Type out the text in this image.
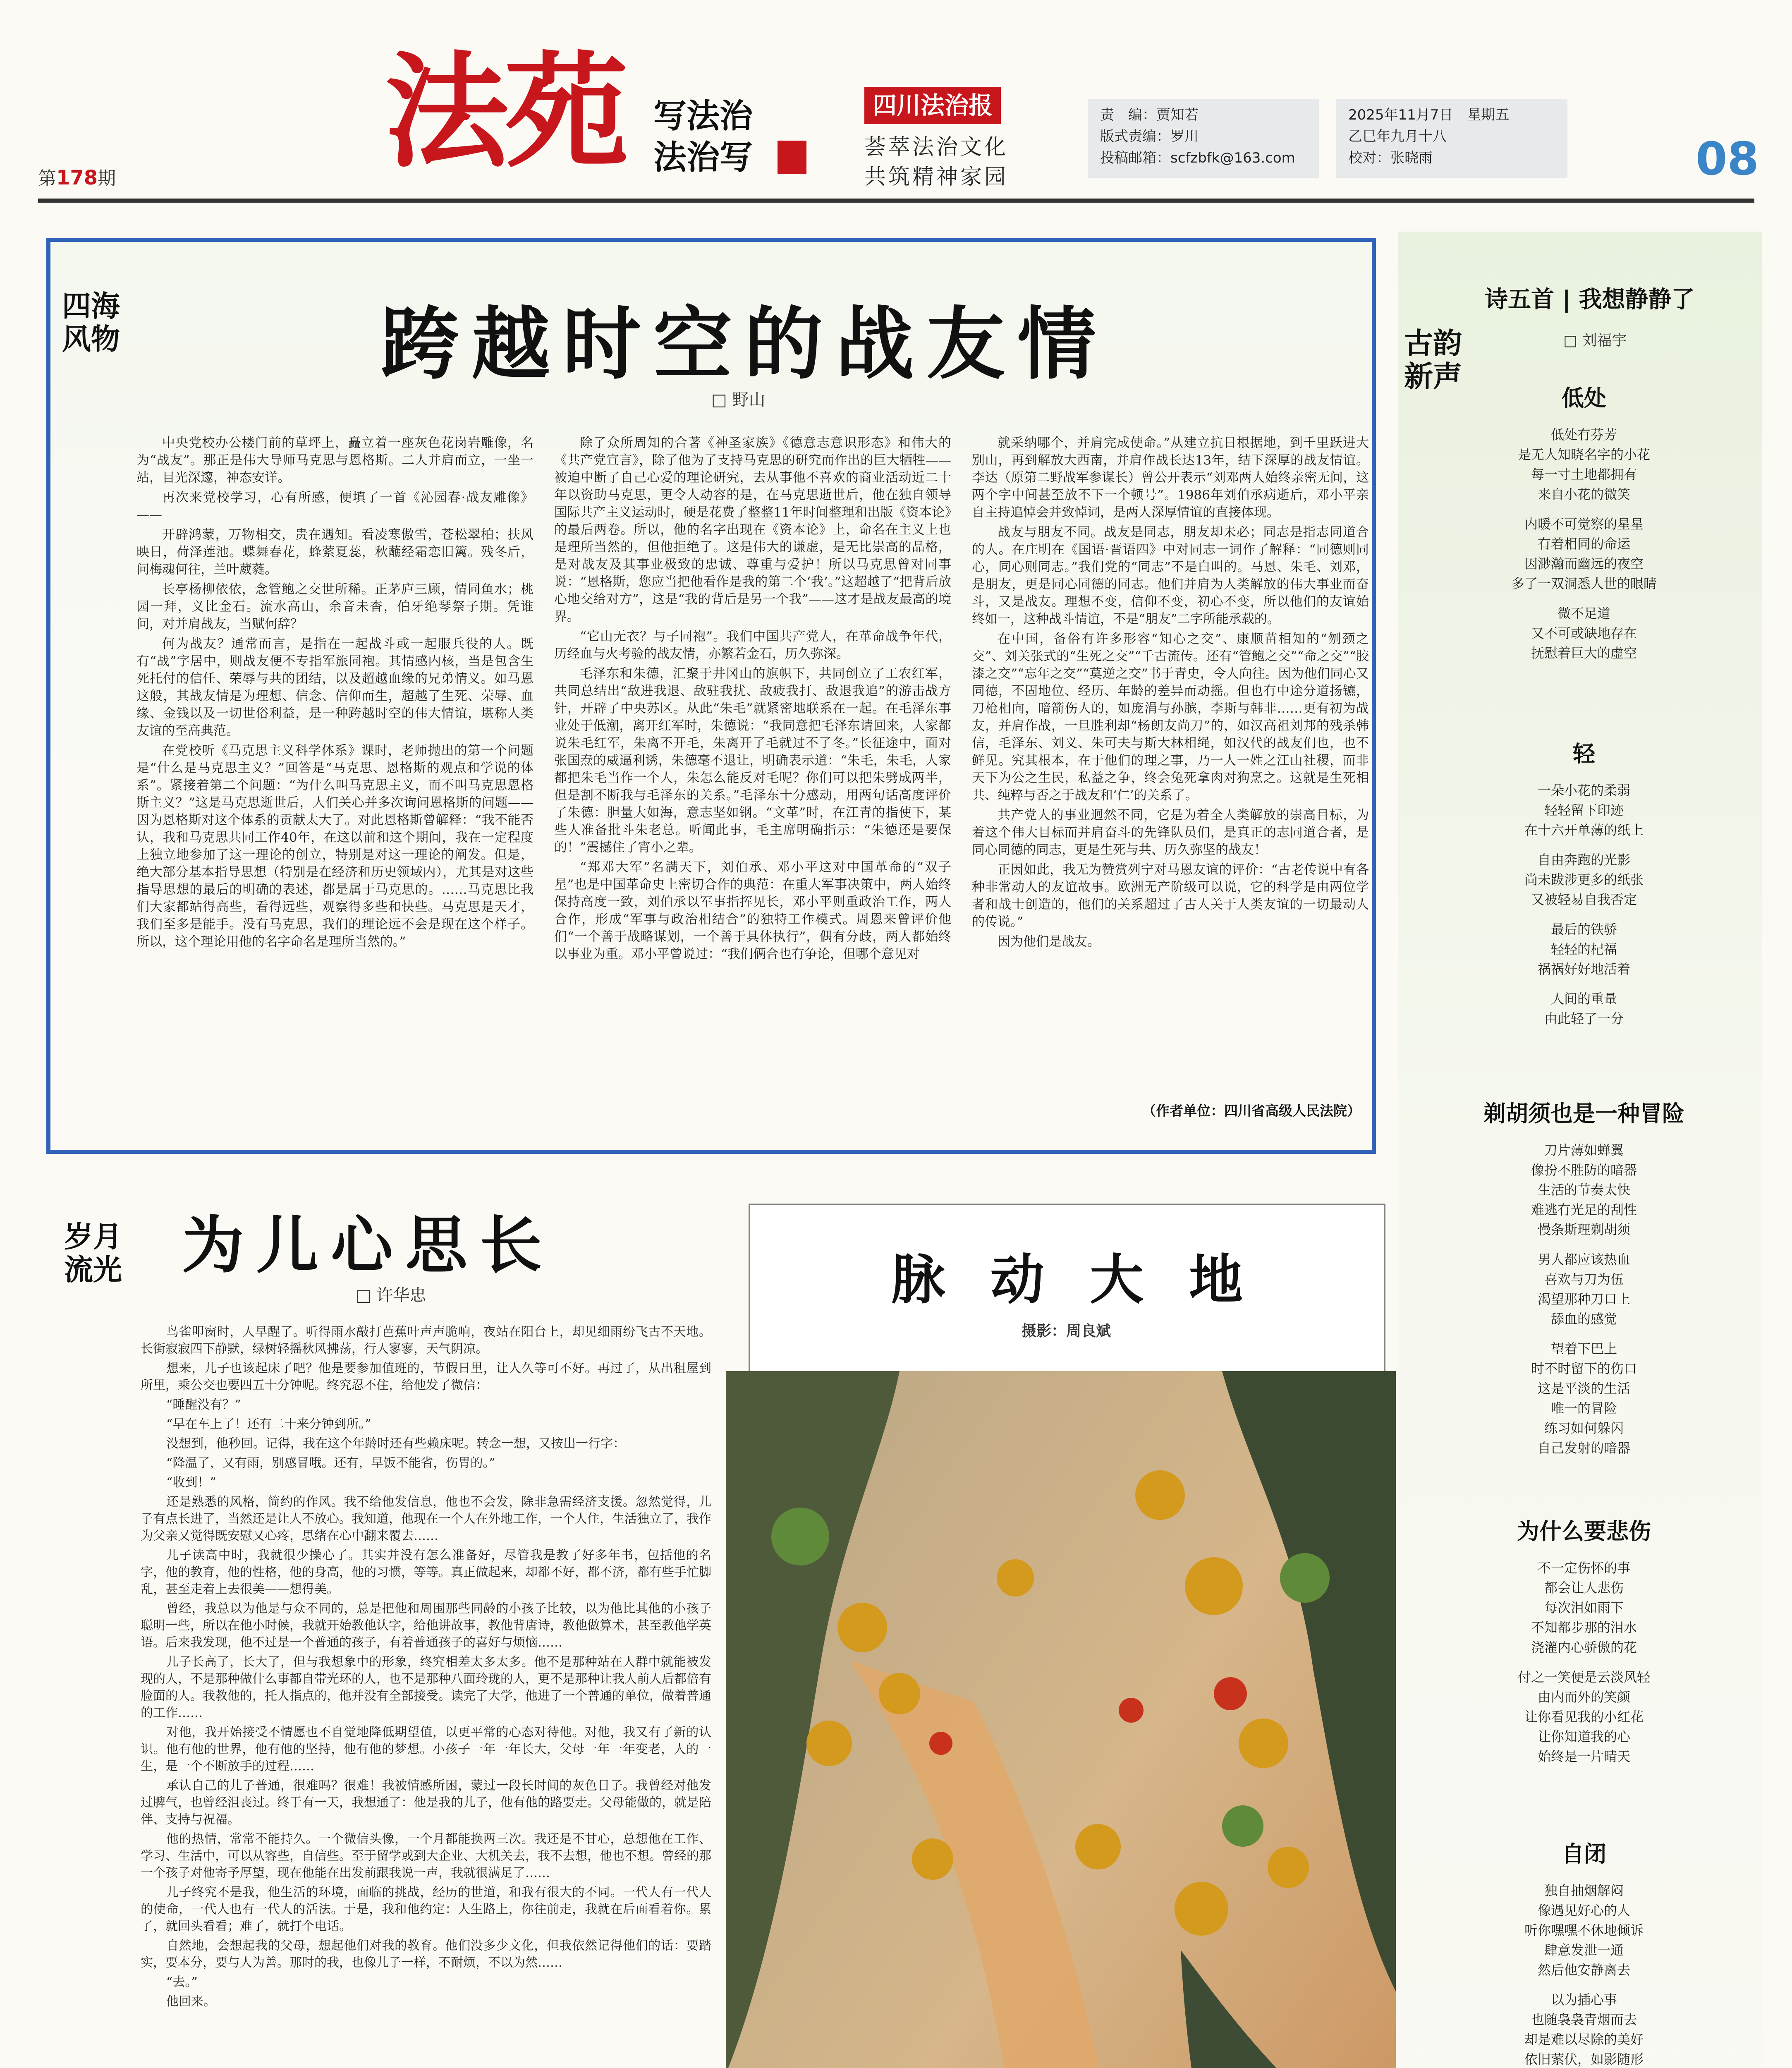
第178期 法苑 写法治
法治写
四川法治报
荟萃法治文化
共筑精神家园
责　编：贾知若
版式责编：罗川
投稿邮箱：scfzbfk@163.com
2025年11月7日　星期五
乙巳年九月十八
校对：张晓雨	08
四海风物	跨越时空的战友情
□ 野山

中央党校办公楼门前的草坪上，矗立着一座灰色花岗岩雕像，名为“战友”。那正是伟大导师马克思与恩格斯。二人并肩而立，一坐一站，目光深邃，神态安详。

再次来党校学习，心有所感，便填了一首《沁园春·战友雕像》——

开辟鸿蒙，万物相交，贵在遇知。看凌寒傲雪，苍松翠柏；扶风映日，荷泽莲池。蝶舞春花，蜂萦夏蕊，秋蘸经霜恋旧篱。残冬后，问梅魂何往，兰叶葳蕤。

长亭杨柳依依，念管鲍之交世所稀。正茅庐三顾，情同鱼水；桃园一拜，义比金石。流水高山，余音未杳，伯牙绝琴祭子期。凭谁问，对并肩战友，当赋何辞？

何为战友？通常而言，是指在一起战斗或一起服兵役的人。既有“战”字居中，则战友便不专指军旅同袍。其情感内核，当是包含生死托付的信任、荣辱与共的团结，以及超越血缘的兄弟情义。如马恩这般，其战友情是为理想、信念、信仰而生，超越了生死、荣辱、血缘、金钱以及一切世俗利益，是一种跨越时空的伟大情谊，堪称人类友谊的至高典范。

在党校听《马克思主义科学体系》课时，老师抛出的第一个问题是“什么是马克思主义？”回答是“马克思、恩格斯的观点和学说的体系”。紧接着第二个问题：“为什么叫马克思主义，而不叫马克思恩格斯主义？”这是马克思逝世后，人们关心并多次询问恩格斯的问题——因为恩格斯对这个体系的贡献太大了。对此恩格斯曾解释：“我不能否认，我和马克思共同工作40年，在这以前和这个期间，我在一定程度上独立地参加了这一理论的创立，特别是对这一理论的阐发。但是，绝大部分基本指导思想（特别是在经济和历史领域内），尤其是对这些指导思想的最后的明确的表述，都是属于马克思的。……马克思比我们大家都站得高些，看得远些，观察得多些和快些。马克思是天才，我们至多是能手。没有马克思，我们的理论远不会是现在这个样子。所以，这个理论用他的名字命名是理所当然的。”

除了众所周知的合著《神圣家族》《德意志意识形态》和伟大的《共产党宣言》，除了他为了支持马克思的研究而作出的巨大牺牲——被迫中断了自己心爱的理论研究，去从事他不喜欢的商业活动近二十年以资助马克思，更令人动容的是，在马克思逝世后，他在独自领导国际共产主义运动时，硬是花费了整整11年时间整理和出版《资本论》的最后两卷。所以，他的名字出现在《资本论》上，命名在主义上也是理所当然的，但他拒绝了。这是伟大的谦虚，是无比崇高的品格，是对战友及其事业极致的忠诚、尊重与爱护！所以马克思曾对同事说：“恩格斯，您应当把他看作是我的第二个‘我’。”这超越了“把背后放心地交给对方”，这是“我的背后是另一个我”——这才是战友最高的境界。

“它山无衣？与子同袍”。我们中国共产党人，在革命战争年代，历经血与火考验的战友情，亦繁若金石，历久弥深。

毛泽东和朱德，汇聚于井冈山的旗帜下，共同创立了工农红军，共同总结出“敌进我退、敌驻我扰、敌疲我打、敌退我追”的游击战方针，开辟了中央苏区。从此“朱毛”就紧密地联系在一起。在毛泽东事业处于低潮，离开红军时，朱德说：“我同意把毛泽东请回来，人家都说朱毛红军，朱离不开毛，朱离开了毛就过不了冬。”长征途中，面对张国焘的威逼利诱，朱德毫不退让，明确表示道：“朱毛，朱毛，人家都把朱毛当作一个人，朱怎么能反对毛呢？你们可以把朱劈成两半，但是割不断我与毛泽东的关系。”毛泽东十分感动，用两句话高度评价了朱德：胆量大如海，意志坚如钢。“文革”时，在江青的指使下，某些人准备批斗朱老总。听闻此事，毛主席明确指示：“朱德还是要保的！”震撼住了宵小之辈。

“郑邓大军”名满天下，刘伯承、邓小平这对中国革命的“双子星”也是中国革命史上密切合作的典范：在重大军事决策中，两人始终保持高度一致，刘伯承以军事指挥见长，邓小平则重政治工作，两人合作，形成“军事与政治相结合”的独特工作模式。周恩来曾评价他们“一个善于战略谋划，一个善于具体执行”，偶有分歧，两人都始终以事业为重。邓小平曾说过：“我们俩合也有争论，但哪个意见对

就采纳哪个，并肩完成使命。”从建立抗日根据地，到千里跃进大别山，再到解放大西南，并肩作战长达13年，结下深厚的战友情谊。李达（原第二野战军参谋长）曾公开表示“刘邓两人始终亲密无间，这两个字中间甚至放不下一个顿号”。1986年刘伯承病逝后，邓小平亲自主持追悼会并致悼词，是两人深厚情谊的直接体现。

战友与朋友不同。战友是同志，朋友却未必；同志是指志同道合的人。在庄明在《国语·晋语四》中对同志一词作了解释：“同德则同心，同心则同志。”我们党的“同志”不是白叫的。马恩、朱毛、刘邓，是朋友，更是同心同德的同志。他们并肩为人类解放的伟大事业而奋斗，又是战友。理想不变，信仰不变，初心不变，所以他们的友谊始终如一，这种战斗情谊，不是“朋友”二字所能承载的。

在中国，备俗有许多形容“知心之交”、康顺苗相知的“刎颈之交”、刘关张式的“生死之交”“千古流传。还有“管鲍之交”“命之交”“胶漆之交”“忘年之交”“莫逆之交”书于青史，令人向往。因为他们同心又同德，不固地位、经历、年龄的差异而动摇。但也有中途分道扬镳，刀枪相向，暗箭伤人的，如庞涓与孙膑，李斯与韩非……更有初为战友，并肩作战，一旦胜利却“杨朗友尚刀”的，如汉高祖刘邦的残杀韩信，毛泽东、刘义、朱可夫与斯大林相绳，如汉代的战友们也，也不鲜见。究其根本，在于他们的理之事，乃一人一姓之江山社稷，而非天下为公之生民，私益之争，终会兔死拿肉对狗烹之。这就是生死相共、纯粹与否之于战友和‘仁’的关系了。

共产党人的事业迥然不同，它是为着全人类解放的崇高目标，为着这个伟大目标而并肩奋斗的先锋队员们，是真正的志同道合者，是同心同德的同志，更是生死与共、历久弥坚的战友！

正因如此，我无为赞赏列宁对马恩友谊的评价：“古老传说中有各种非常动人的友谊故事。欧洲无产阶级可以说，它的科学是由两位学者和战士创造的，他们的关系超过了古人关于人类友谊的一切最动人的传说。”

因为他们是战友。

（作者单位：四川省高级人民法院）
岁月流光 为儿心思长
□ 许华忠

鸟雀叩窗时，人早醒了。听得雨水敲打芭蕉叶声声脆响，夜站在阳台上，却见细雨纷飞古不天地。长街寂寂四下静默，绿树轻摇秋风拂荡，行人寥寥，天气阴凉。

想来，儿子也该起床了吧？他是要参加值班的，节假日里，让人久等可不好。再过了，从出租屋到所里，乘公交也要四五十分钟呢。终究忍不住，给他发了微信：

“睡醒没有？”

“早在车上了！还有二十来分钟到所。”

没想到，他秒回。记得，我在这个年龄时还有些赖床呢。转念一想，又按出一行字：

“降温了，又有雨，别感冒哦。还有，早饭不能省，伤胃的。”

“收到！”

还是熟悉的风格，简约的作风。我不给他发信息，他也不会发，除非急需经济支援。忽然觉得，儿子有点长进了，当然还是让人不放心。我知道，他现在一个人在外地工作，一个人住，生活独立了，我作为父亲又觉得既安慰又心疼，思绪在心中翻来覆去……

儿子读高中时，我就很少操心了。其实并没有怎么准备好，尽管我是教了好多年书，包括他的名字，他的教育，他的性格，他的身高，他的习惯，等等。真正做起来，却都不好，都不济，都有些手忙脚乱，甚至走着上去很美——想得美。

曾经，我总以为他是与众不同的，总是把他和周围那些同龄的小孩子比较，以为他比其他的小孩子聪明一些，所以在他小时候，我就开始教他认字，给他讲故事，教他背唐诗，教他做算术，甚至教他学英语。后来我发现，他不过是一个普通的孩子，有着普通孩子的喜好与烦恼……

儿子长高了，长大了，但与我想象中的形象，终究相差太多太多。他不是那种站在人群中就能被发现的人，不是那种做什么事都自带光环的人，也不是那种八面玲珑的人，更不是那种让我人前人后都倍有脸面的人。我教他的，托人指点的，他并没有全部接受。读完了大学，他进了一个普通的单位，做着普通的工作……

对他，我开始接受不情愿也不自觉地降低期望值，以更平常的心态对待他。对他，我又有了新的认识。他有他的世界，他有他的坚持，他有他的梦想。小孩子一年一年长大，父母一年一年变老，人的一生，是一个不断放手的过程……

承认自己的儿子普通，很难吗？很难！我被情感所困，蒙过一段长时间的灰色日子。我曾经对他发过脾气，也曾经沮丧过。终于有一天，我想通了：他是我的儿子，他有他的路要走。父母能做的，就是陪伴、支持与祝福。

他的热情，常常不能持久。一个微信头像，一个月都能换两三次。我还是不甘心，总想他在工作、学习、生活中，可以从容些，自信些。至于留学或到大企业、大机关去，我不去想，他也不想。曾经的那一个孩子对他寄予厚望，现在他能在出发前跟我说一声，我就很满足了……

儿子终究不是我，他生活的环境，面临的挑战，经历的世道，和我有很大的不同。一代人有一代人的使命，一代人也有一代人的活法。于是，我和他约定：人生路上，你往前走，我就在后面看着你。累了，就回头看看；难了，就打个电话。

自然地，会想起我的父母，想起他们对我的教育。他们没多少文化，但我依然记得他们的话：要踏实，要本分，要与人为善。那时的我，也像儿子一样，不耐烦，不以为然……

“去。”

他回来。

脉动大地
摄影：周良斌
古韵新声
诗五首 | 我想静静了
□ 刘福宇
低处
低处有芬芳
是无人知晓名字的小花
每一寸土地都拥有
来自小花的微笑

内暖不可觉察的星星
有着相同的命运
因渺瀚而幽远的夜空
多了一双洞悉人世的眼睛

微不足道
又不可或缺地存在
抚慰着巨大的虚空
轻
一朵小花的柔弱
轻轻留下印迹
在十六开单薄的纸上

自由奔跑的光影
尚未跋涉更多的纸张
又被轻易自我否定

最后的铁骄
轻轻的杞福
祸祸好好地活着

人间的重量
由此轻了一分
剃胡须也是一种冒险
刀片薄如蝉翼
像扮不胜防的暗器
生活的节奏太快
难逃有光足的刮性
慢条斯理剃胡须

男人都应该热血
喜欢与刀为伍
渴望那种刀口上
舔血的感觉

望着下巴上
时不时留下的伤口
这是平淡的生活
唯一的冒险
练习如何躲闪
自己发射的暗器
为什么要悲伤
不一定伤怀的事
都会让人悲伤
每次泪如雨下
不知都步那的泪水
浇灌内心骄傲的花

付之一笑便是云淡风轻
由内而外的笑颜
让你看见我的小红花
让你知道我的心
始终是一片晴天
自闭
独自抽烟解闷
像遇见好心的人
听你嘿嘿不休地倾诉
肆意发泄一通
然后他安静离去

以为插心事
也随袅袅青烟而去
却是难以尽除的美好
依旧萦伏，如影随形
